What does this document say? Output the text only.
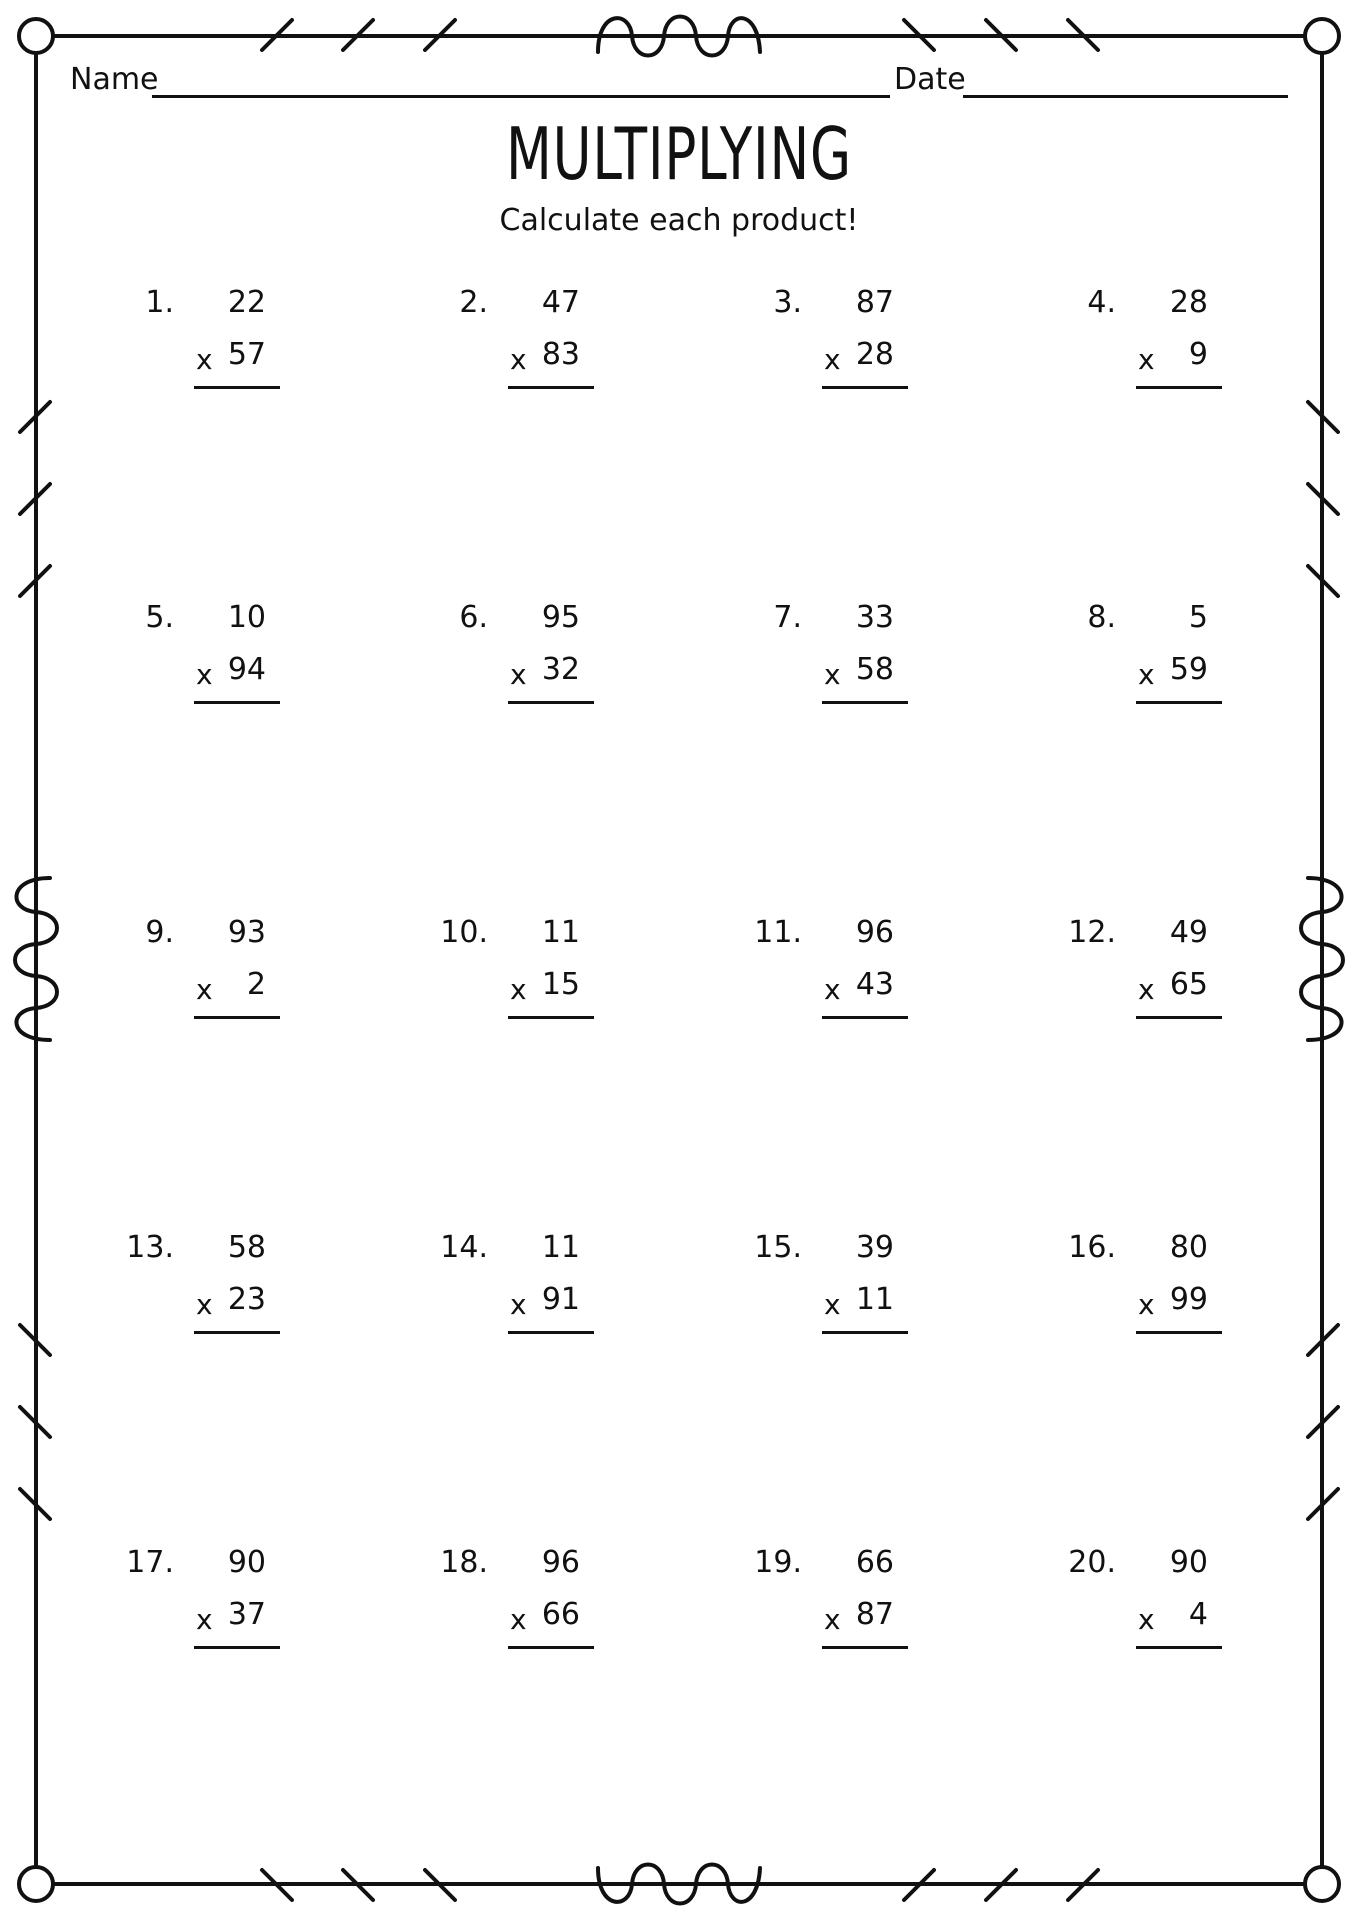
Name	Date
MULTIPLYING
Calculate each product!
1.	22
x 57
2.	47
x 83
3.	87
x 28
4.	28
x	9
5.	10
x 94
6.	95
x 32
7.	33
x 58
8.	5
x 59
9.	93
x	2
10.	11
x 15
11.	96
x 43
12.	49
x 65
13.	58
x 23
14.	11
x 91
15.	39
x 11
16.	80
x 99
17.	90
x 37
18.	96
x 66
19.	66
x 87
20.	90
x	4
